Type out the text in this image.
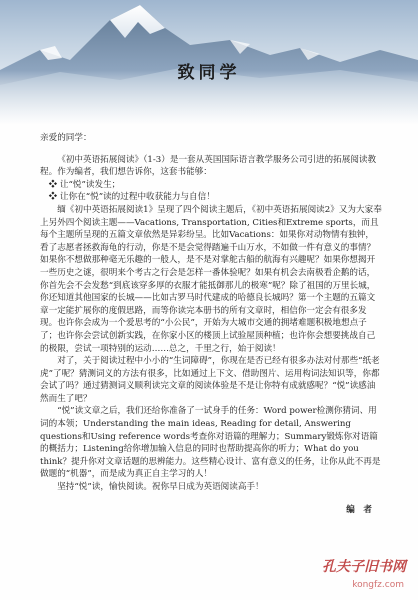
致同学

亲爱的同学：

《初中英语拓展阅读》（1-3）是一套从英国国际语言教学服务公司引进的拓展阅读教程。作为编者，我们想告诉你，这套书能够：

❖ 让“悦”读发生；

❖ 让你在“悦”读的过程中收获能力与自信！

缅《初中英语拓展阅读1》呈现了四个阅读主题后，《初中英语拓展阅读2》又为大家奉上另外四个阅读主题——Vacations, Transportation, Cities和Extreme sports，而且每个主题所呈现的五篇文章依然是异彩纷呈。比如Vacations：如果你对动物情有独钟，看了志愿者拯救海龟的行动，你是不是会觉得踏遍千山万水，不如做一件有意义的事情？如果你不想做那种毫无乐趣的一般人，是不是对掌舵古船的航海有兴趣呢？如果你想揭开一些历史之谜，很明来个考古之行会是怎样一番体验呢？如果有机会去南极看企鹅的话，你首先会不会发愁“到底该穿多厚的衣服才能抵御那儿的极寒”呢？除了祖国的万里长城，你还知道其他国家的长城——比如古罗马时代建成的哈德良长城吗？第一个主题的五篇文章一定能扩展你的度假思路，而等你读完本册书的所有文章时，相信你一定会有很多发现。也许你会成为一个爱思考的“小公民”，开始为大城市交通的拥堵难题积极地想点子了；也许你会尝试创新实践，在你家小区的楼顶上试验屋顶种植；也许你会想要挑战自己的极限，尝试一项特别的运动……总之，千里之行，始于阅读！

对了，关于阅读过程中小小的“生词障碍”，你现在是否已经有很多办法对付那些“纸老虎”了呢？猜测词义的方法有很多，比如通过上下文、借助图片、运用构词法知识等，你都会试了吗？通过猜测词义顺利读完文章的阅读体验是不是让你特有成就感呢？“悦”读感油然而生了吧？

“悦”读文章之后，我们还给你准备了一试身手的任务：Word power检测你猜词、用词的本领；Understanding the main ideas, Reading for detail, Answering questions和Using reference words考查你对语篇的理解力；Summary锻炼你对语篇的概括力；Listening给你增加输入信息的同时也帮助提高你的听力；What do you think？提升你对文章话题的思辨能力。这些精心设计、富有意义的任务，让你从此不再是做题的“机器”，而是成为真正自主学习的人！

坚持“悦”读，愉快阅读。祝你早日成为英语阅读高手！

编　者

孔夫子旧书网
kongfz.com
